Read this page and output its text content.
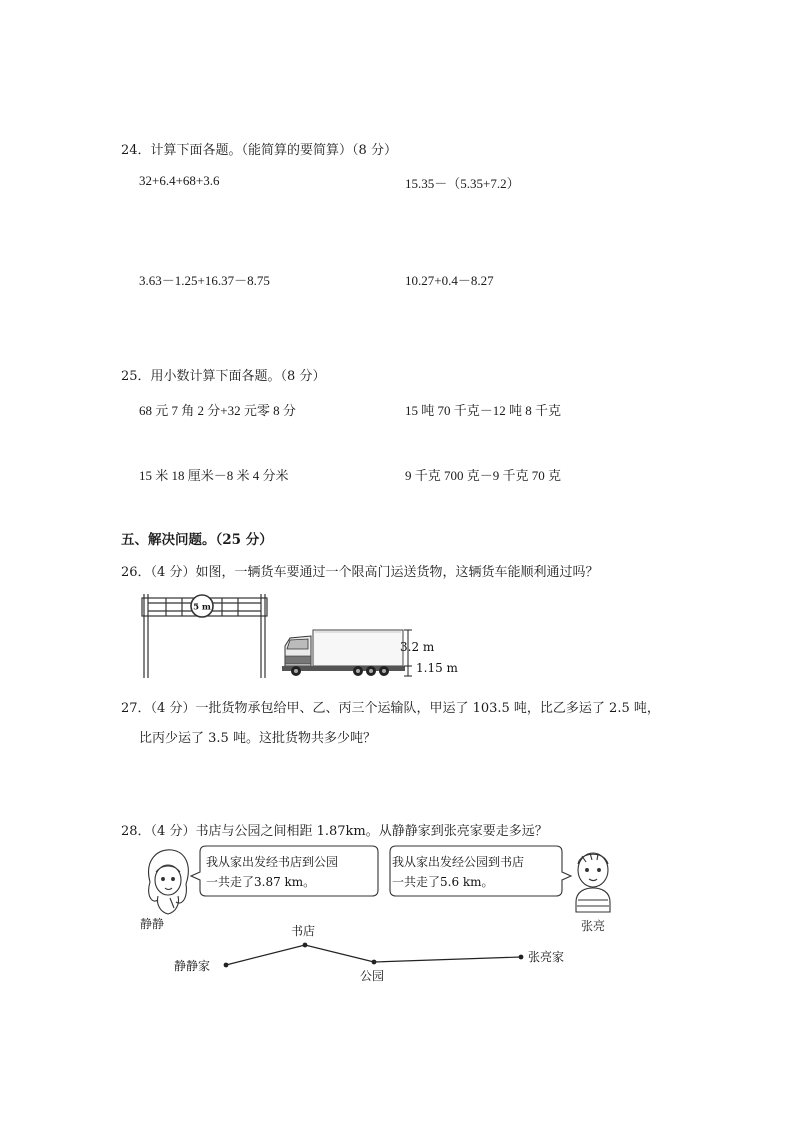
24．计算下面各题。（能简算的要简算）（8 分）
32+6.4+68+3.6	15.35－（5.35+7.2）
3.63－1.25+16.37－8.75	10.27+0.4－8.27
25．用小数计算下面各题。（8 分）
68 元 7 角 2 分+32 元零 8 分	15 吨 70 千克－12 吨 8 千克
15 米 18 厘米－8 米 4 分米	9 千克 700 克－9 千克 70 克
五、解决问题。（25 分）
26．（4 分）如图，一辆货车要通过一个限高门运送货物，这辆货车能顺利通过吗？
5 m
3.2 m
1.15 m
27．（4 分）一批货物承包给甲、乙、丙三个运输队，甲运了 103.5 吨，比乙多运了 2.5 吨，
比丙少运了 3.5 吨。这批货物共多少吨？
28．（4 分）书店与公园之间相距 1.87km。从静静家到张亮家要走多远？
静静
我从家出发经书店到公园
一共走了3.87 km。
我从家出发经公园到书店
一共走了5.6 km。
张亮
静静家
书店
公园
张亮家
